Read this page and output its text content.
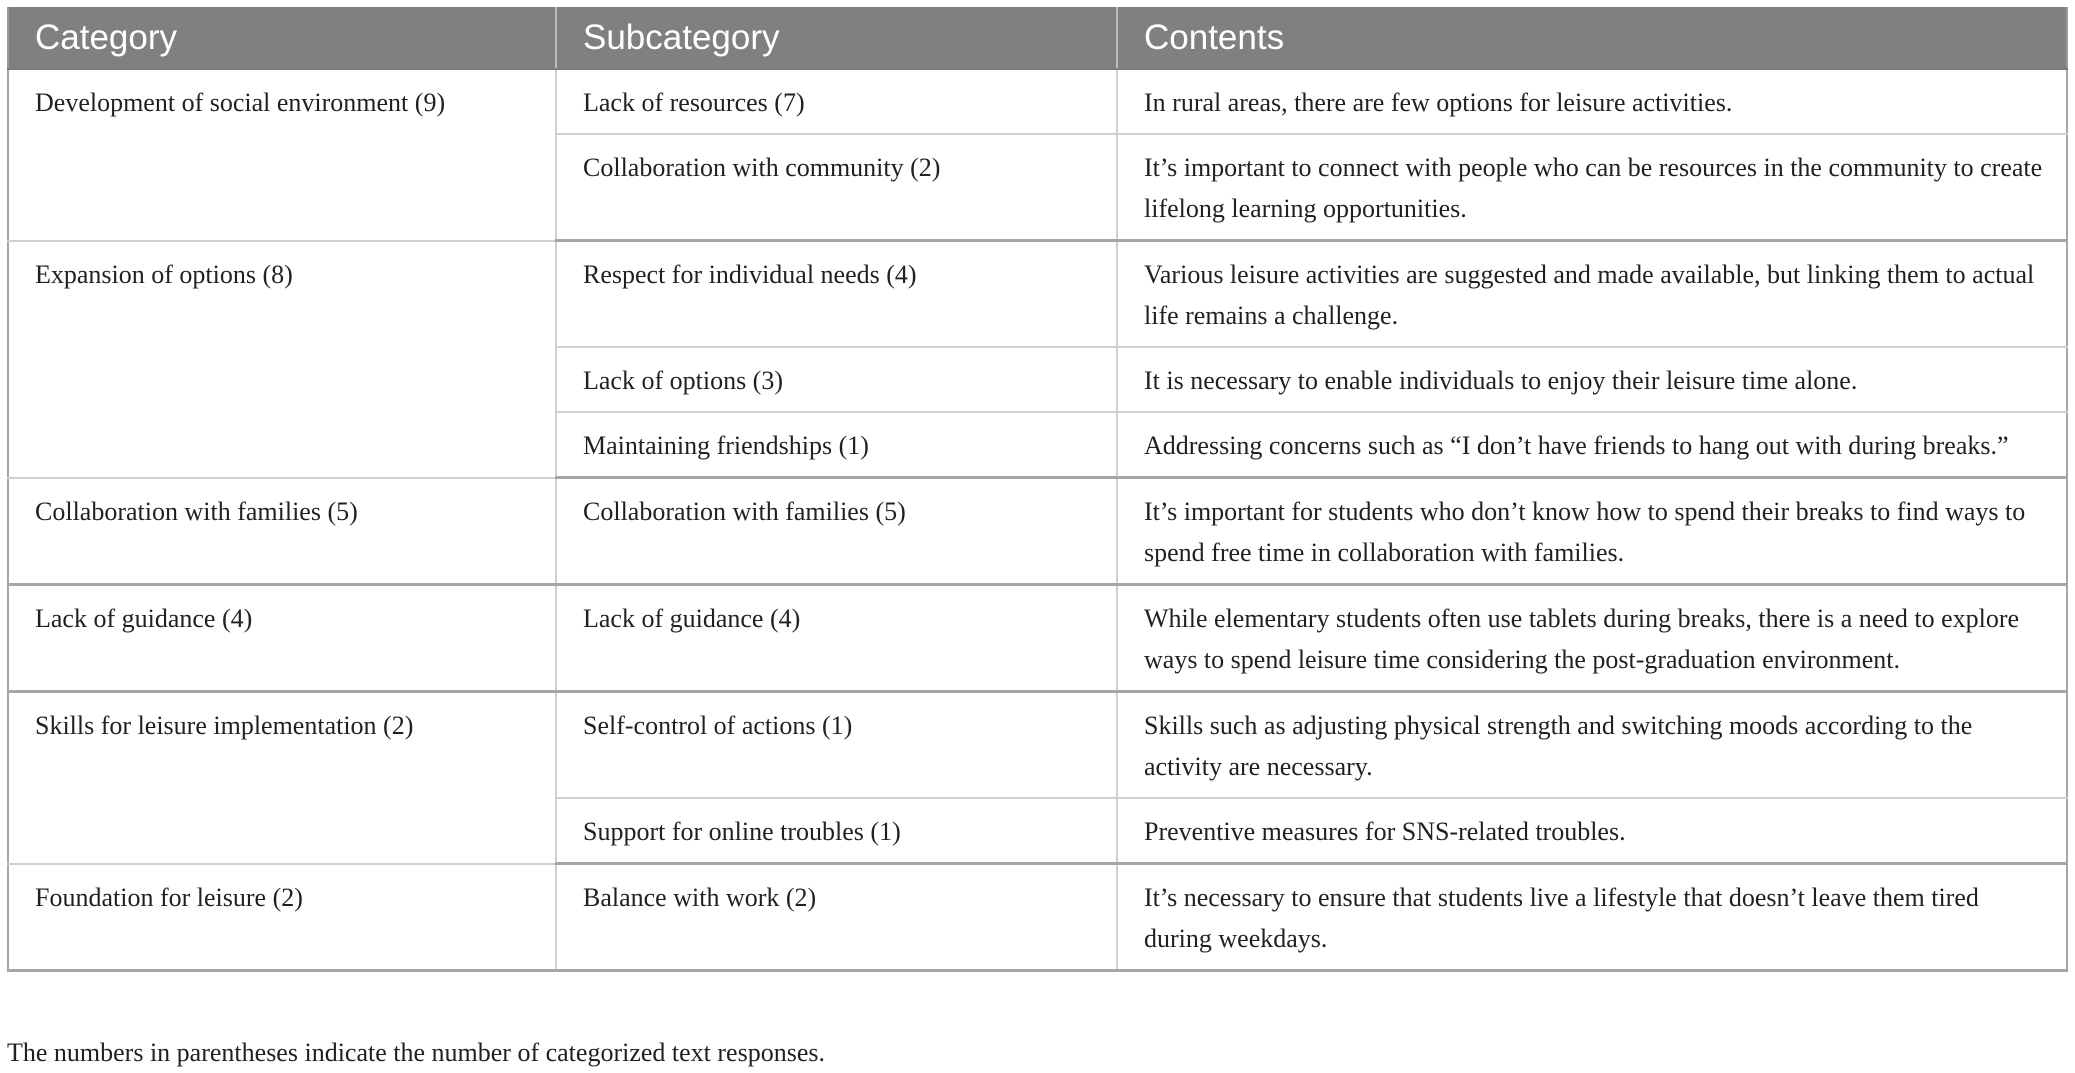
Category	Subcategory	Contents
Development of social environment (9)	Lack of resources (7)	In rural areas, there are few options for leisure activities.
	Collaboration with community (2)	It’s important to connect with people who can be resources in the community to create lifelong learning opportunities.
Expansion of options (8)	Respect for individual needs (4)	Various leisure activities are suggested and made available, but linking them to actual life remains a challenge.
	Lack of options (3)	It is necessary to enable individuals to enjoy their leisure time alone.
	Maintaining friendships (1)	Addressing concerns such as “I don’t have friends to hang out with during breaks.”
Collaboration with families (5)	Collaboration with families (5)	It’s important for students who don’t know how to spend their breaks to find ways to spend free time in collaboration with families.
Lack of guidance (4)	Lack of guidance (4)	While elementary students often use tablets during breaks, there is a need to explore ways to spend leisure time considering the post-graduation environment.
Skills for leisure implementation (2)	Self-control of actions (1)	Skills such as adjusting physical strength and switching moods according to the activity are necessary.
	Support for online troubles (1)	Preventive measures for SNS-related troubles.
Foundation for leisure (2)	Balance with work (2)	It’s necessary to ensure that students live a lifestyle that doesn’t leave them tired during weekdays.
The numbers in parentheses indicate the number of categorized text responses.
